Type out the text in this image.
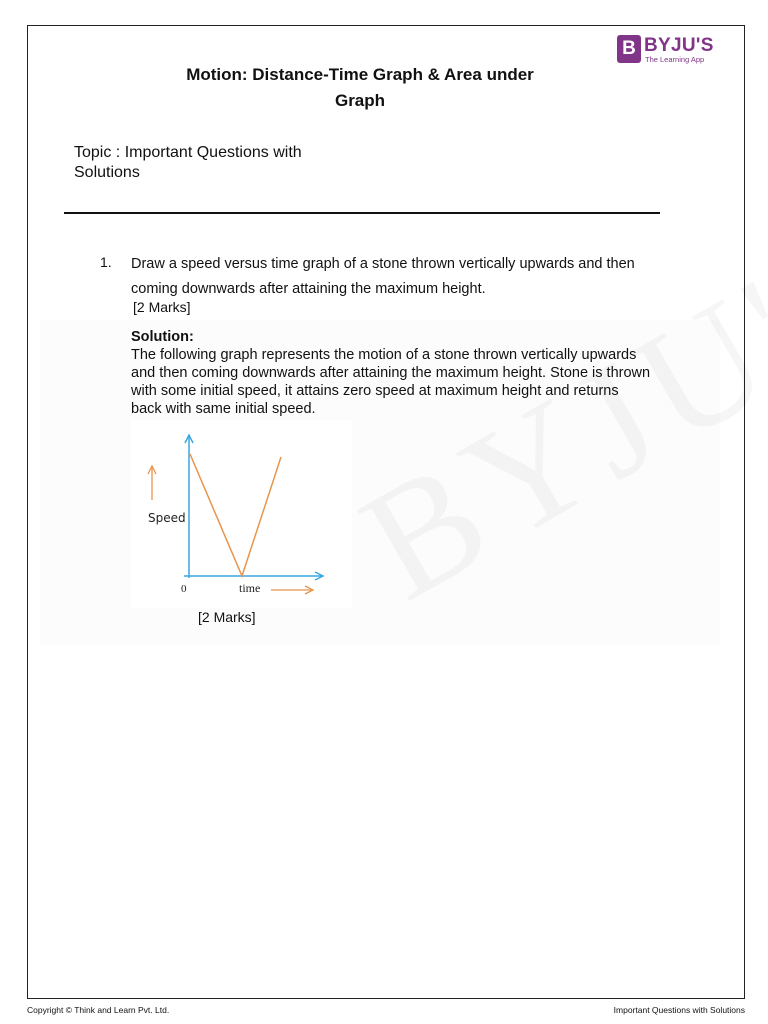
B BYJU'S
The Learning App
Motion: Distance-Time Graph & Area under Graph
Topic : Important Questions with Solutions
1. Draw a speed versus time graph of a stone thrown vertically upwards and then coming downwards after attaining the maximum height.
[2 Marks]
Solution:
The following graph represents the motion of a stone thrown vertically upwards and then coming downwards after attaining the maximum height. Stone is thrown with some initial speed, it attains zero speed at maximum height and returns back with same initial speed.
Speed
0	time
[2 Marks]
Copyright © Think and Learn Pvt. Ltd.	Important Questions with Solutions
